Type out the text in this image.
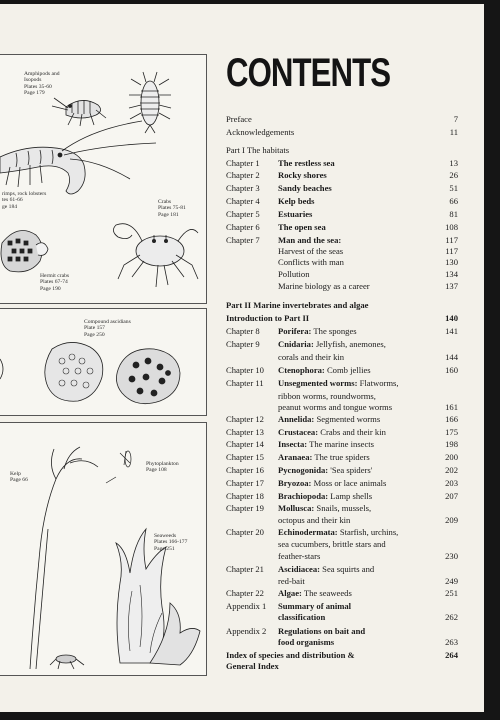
Amphipods and
Isopods
Plates 35-60
Page 179
rimps, rock lobsters
tes 61-66
ge 184
Crabs
Plates 75-81
Page 181
Hermit crabs
Plates 67-74
Page 190
Compound ascidians
Plate 157
Page 250
Phytoplankton
Page 108
Kelp
Page 66
Seaweeds
Plates 166-177
Page 251
CONTENTS
Preface	7
Acknowledgements	11
Part I The habitats
Chapter 1 The restless sea	13
Chapter 2 Rocky shores	26
Chapter 3 Sandy beaches	51
Chapter 4 Kelp beds	66
Chapter 5 Estuaries	81
Chapter 6 The open sea	108
Chapter 7 Man and the sea:	117
Harvest of the seas	117
Conflicts with man	130
Pollution	134
Marine biology as a career	137
Part II Marine invertebrates and algae
Introduction to Part II	140
Chapter 8 Porifera: The sponges	141
Chapter 9 Cnidaria: Jellyfish, anemones,
corals and their kin	144
Chapter 10 Ctenophora: Comb jellies	160
Chapter 11 Unsegmented worms: Flatworms,
ribbon worms, roundworms,
peanut worms and tongue worms	161
Chapter 12 Annelida: Segmented worms	166
Chapter 13 Crustacea: Crabs and their kin	175
Chapter 14 Insecta: The marine insects	198
Chapter 15 Aranaea: The true spiders	200
Chapter 16 Pycnogonida: 'Sea spiders'	202
Chapter 17 Bryozoa: Moss or lace animals	203
Chapter 18 Brachiopoda: Lamp shells	207
Chapter 19 Mollusca: Snails, mussels,
octopus and their kin	209
Chapter 20 Echinodermata: Starfish, urchins,
sea cucumbers, brittle stars and
feather-stars	230
Chapter 21 Ascidiacea: Sea squirts and
red-bait	249
Chapter 22 Algae: The seaweeds	251
Appendix 1 Summary of animal
classification	262
Appendix 2 Regulations on bait and
food organisms	263
Index of species and distribution &	264
General Index
